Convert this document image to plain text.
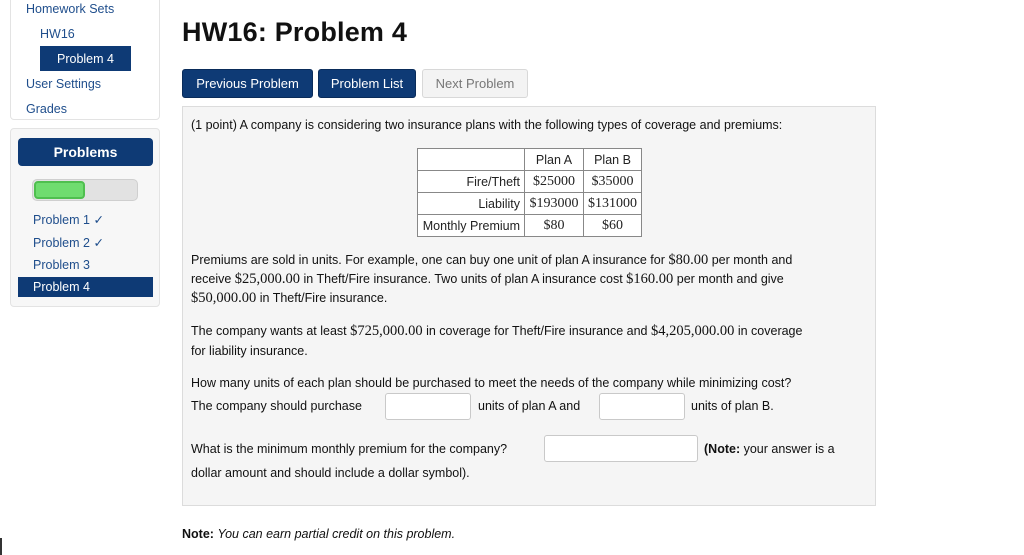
Homework Sets
HW16
Problem 4
User Settings
Grades
Problems
Problem 1 ✓
Problem 2 ✓
Problem 3
Problem 4
HW16: Problem 4
Previous Problem	Problem List	Next Problem
(1 point) A company is considering two insurance plans with the following types of coverage and premiums:
	Plan A	Plan B
Fire/Theft	$25000	$35000
Liability	$193000	$131000
Monthly Premium	$80	$60
Premiums are sold in units. For example, one can buy one unit of plan A insurance for $80.00 per month and
receive $25,000.00 in Theft/Fire insurance. Two units of plan A insurance cost $160.00 per month and give
$50,000.00 in Theft/Fire insurance.
The company wants at least $725,000.00 in coverage for Theft/Fire insurance and $4,205,000.00 in coverage
for liability insurance.
How many units of each plan should be purchased to meet the needs of the company while minimizing cost?
The company should purchase	units of plan A and	units of plan B.
What is the minimum monthly premium for the company?	(Note: your answer is a
dollar amount and should include a dollar symbol).
Note: You can earn partial credit on this problem.
